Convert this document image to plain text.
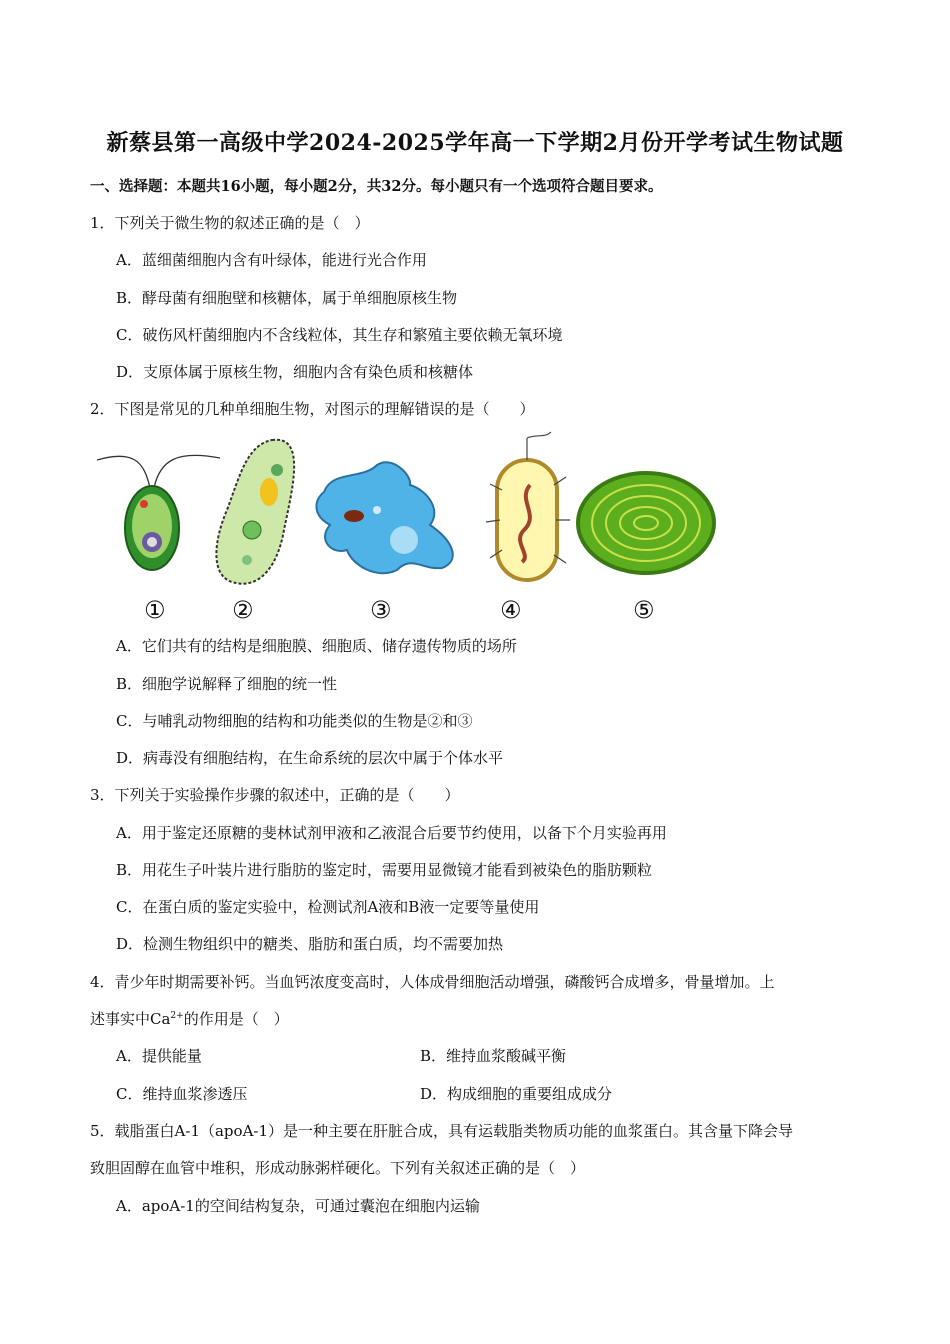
新蔡县第一高级中学2024-2025学年高一下学期2月份开学考试生物试题
一、选择题：本题共16小题，每小题2分，共32分。每小题只有一个选项符合题目要求。
1．下列关于微生物的叙述正确的是（　）
A．蓝细菌细胞内含有叶绿体，能进行光合作用
B．酵母菌有细胞壁和核糖体，属于单细胞原核生物
C．破伤风杆菌细胞内不含线粒体，其生存和繁殖主要依赖无氧环境
D．支原体属于原核生物，细胞内含有染色质和核糖体
2．下图是常见的几种单细胞生物，对图示的理解错误的是（　　）
①	②	③	④	⑤
A．它们共有的结构是细胞膜、细胞质、储存遗传物质的场所
B．细胞学说解释了细胞的统一性
C．与哺乳动物细胞的结构和功能类似的生物是②和③
D．病毒没有细胞结构，在生命系统的层次中属于个体水平
3．下列关于实验操作步骤的叙述中，正确的是（　　）
A．用于鉴定还原糖的斐林试剂甲液和乙液混合后要节约使用，以备下个月实验再用
B．用花生子叶装片进行脂肪的鉴定时，需要用显微镜才能看到被染色的脂肪颗粒
C．在蛋白质的鉴定实验中，检测试剂A液和B液一定要等量使用
D．检测生物组织中的糖类、脂肪和蛋白质，均不需要加热
4．青少年时期需要补钙。当血钙浓度变高时，人体成骨细胞活动增强，磷酸钙合成增多，骨量增加。上
述事实中$Ca^{2+}$的作用是（　）
A．提供能量	B．维持血浆酸碱平衡
C．维持血浆渗透压	D．构成细胞的重要组成成分
5．载脂蛋白A-1（apoA-1）是一种主要在肝脏合成，具有运载脂类物质功能的血浆蛋白。其含量下降会导
致胆固醇在血管中堆积，形成动脉粥样硬化。下列有关叙述正确的是（　）
A．apoA-1的空间结构复杂，可通过囊泡在细胞内运输
